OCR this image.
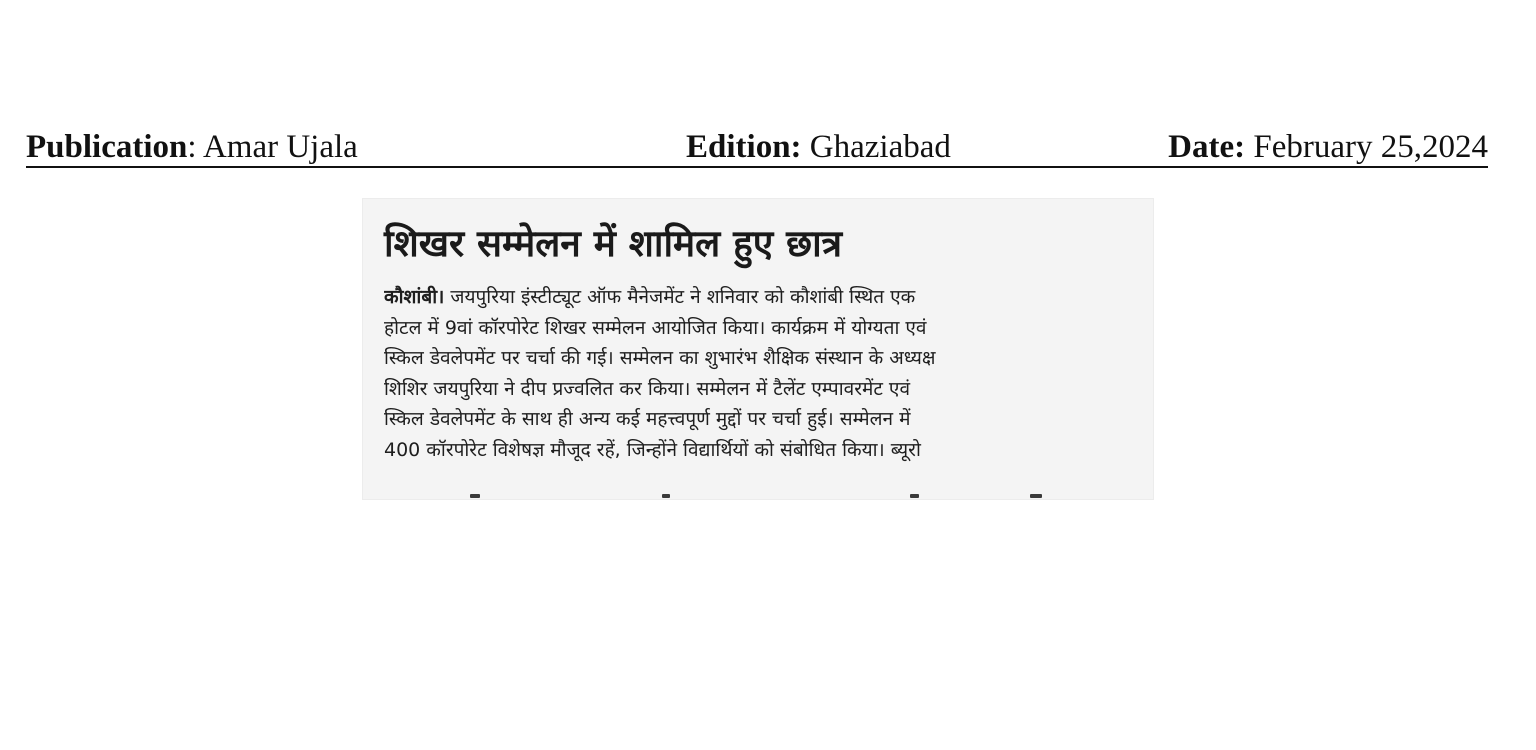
Publication: Amar Ujala	Edition: Ghaziabad	Date: February 25,2024
शिखर सम्मेलन में शामिल हुए छात्र
कौशांबी। जयपुरिया इंस्टीट्यूट ऑफ मैनेजमेंट ने शनिवार को कौशांबी स्थित एक
होटल में 9वां कॉरपोरेट शिखर सम्मेलन आयोजित किया। कार्यक्रम में योग्यता एवं
स्किल डेवलेपमेंट पर चर्चा की गई। सम्मेलन का शुभारंभ शैक्षिक संस्थान के अध्यक्ष
शिशिर जयपुरिया ने दीप प्रज्वलित कर किया। सम्मेलन में टैलेंट एम्पावरमेंट एवं
स्किल डेवलेपमेंट के साथ ही अन्य कई महत्त्वपूर्ण मुद्दों पर चर्चा हुई। सम्मेलन में
400 कॉरपोरेट विशेषज्ञ मौजूद रहें, जिन्होंने विद्यार्थियों को संबोधित किया। ब्यूरो
